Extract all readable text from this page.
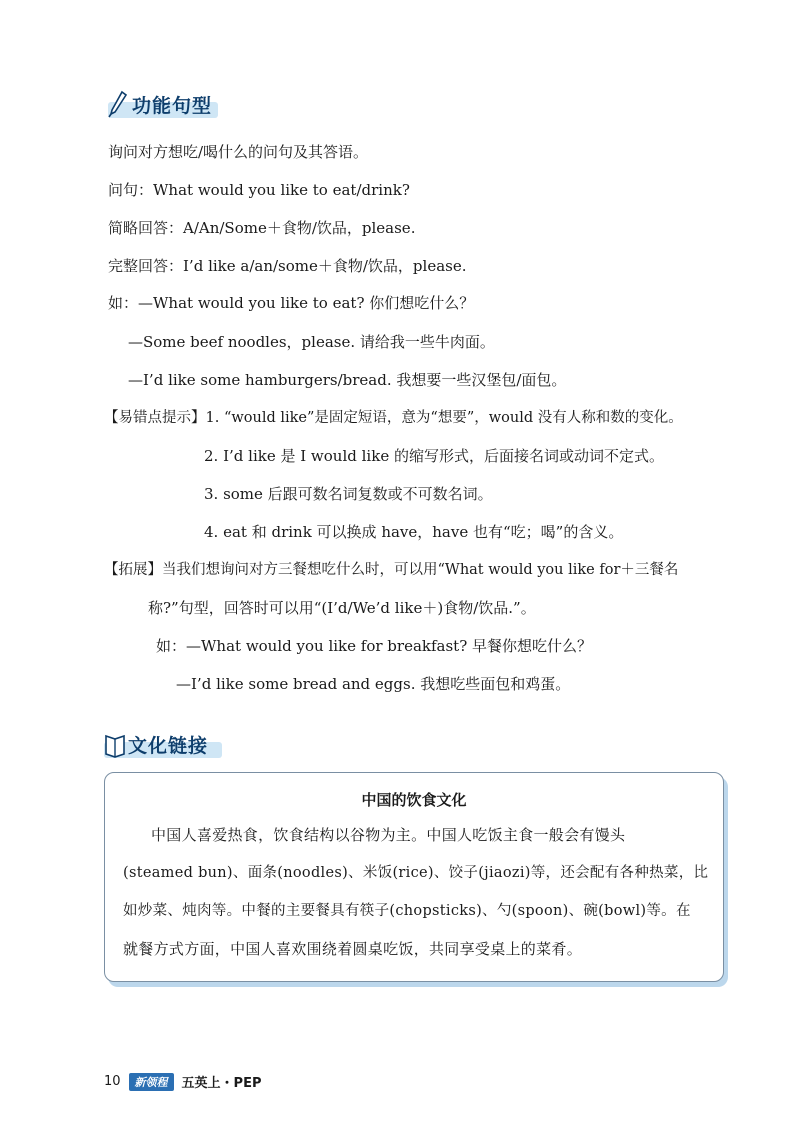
功能句型
询问对方想吃/喝什么的问句及其答语。
问句：What would you like to eat/drink?
简略回答：A/An/Some＋食物/饮品，please.
完整回答：I’d like a/an/some＋食物/饮品，please.
如：—What would you like to eat? 你们想吃什么？
—Some beef noodles，please. 请给我一些牛肉面。
—I’d like some hamburgers/bread. 我想要一些汉堡包/面包。
【易错点提示】1. “would like”是固定短语，意为“想要”，would 没有人称和数的变化。
2. I’d like 是 I would like 的缩写形式，后面接名词或动词不定式。
3. some 后跟可数名词复数或不可数名词。
4. eat 和 drink 可以换成 have，have 也有“吃；喝”的含义。
【拓展】当我们想询问对方三餐想吃什么时，可以用“What would you like for＋三餐名
称?”句型，回答时可以用“(I’d/We’d like＋)食物/饮品.”。
如：—What would you like for breakfast? 早餐你想吃什么？
—I’d like some bread and eggs. 我想吃些面包和鸡蛋。
文化链接
中国的饮食文化
中国人喜爱热食，饮食结构以谷物为主。中国人吃饭主食一般会有馒头
(steamed bun)、面条(noodles)、米饭(rice)、饺子(jiaozi)等，还会配有各种热菜，比
如炒菜、炖肉等。中餐的主要餐具有筷子(chopsticks)、勺(spoon)、碗(bowl)等。在
就餐方式方面，中国人喜欢围绕着圆桌吃饭，共同享受桌上的菜肴。
10	新领程	五英上・PEP
